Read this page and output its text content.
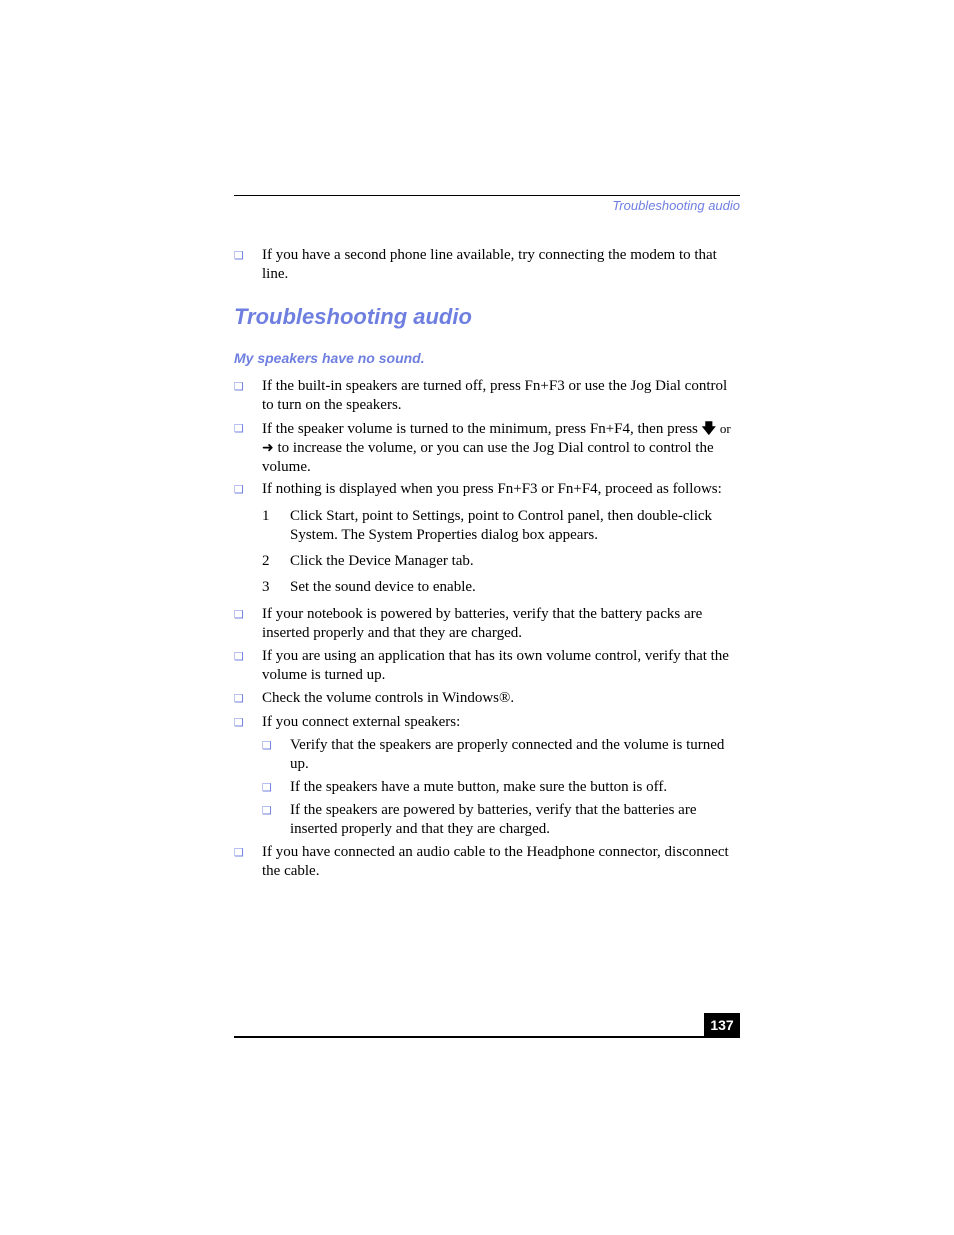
Troubleshooting audio
❑ If you have a second phone line available, try connecting the modem to that line.
Troubleshooting audio
My speakers have no sound.
❑ If the built-in speakers are turned off, press Fn+F3 or use the Jog Dial control to turn on the speakers.
❑ If the speaker volume is turned to the minimum, press Fn+F4, then press 🡇 or ➜ to increase the volume, or you can use the Jog Dial control to control the volume.
❑ If nothing is displayed when you press Fn+F3 or Fn+F4, proceed as follows:
1 Click Start, point to Settings, point to Control panel, then double-click System. The System Properties dialog box appears.
2 Click the Device Manager tab.
3 Set the sound device to enable.
❑ If your notebook is powered by batteries, verify that the battery packs are inserted properly and that they are charged.
❑ If you are using an application that has its own volume control, verify that the volume is turned up.
❑ Check the volume controls in Windows®.
❑ If you connect external speakers:
❑ Verify that the speakers are properly connected and the volume is turned up.
❑ If the speakers have a mute button, make sure the button is off.
❑ If the speakers are powered by batteries, verify that the batteries are inserted properly and that they are charged.
❑ If you have connected an audio cable to the Headphone connector, disconnect the cable.
137
